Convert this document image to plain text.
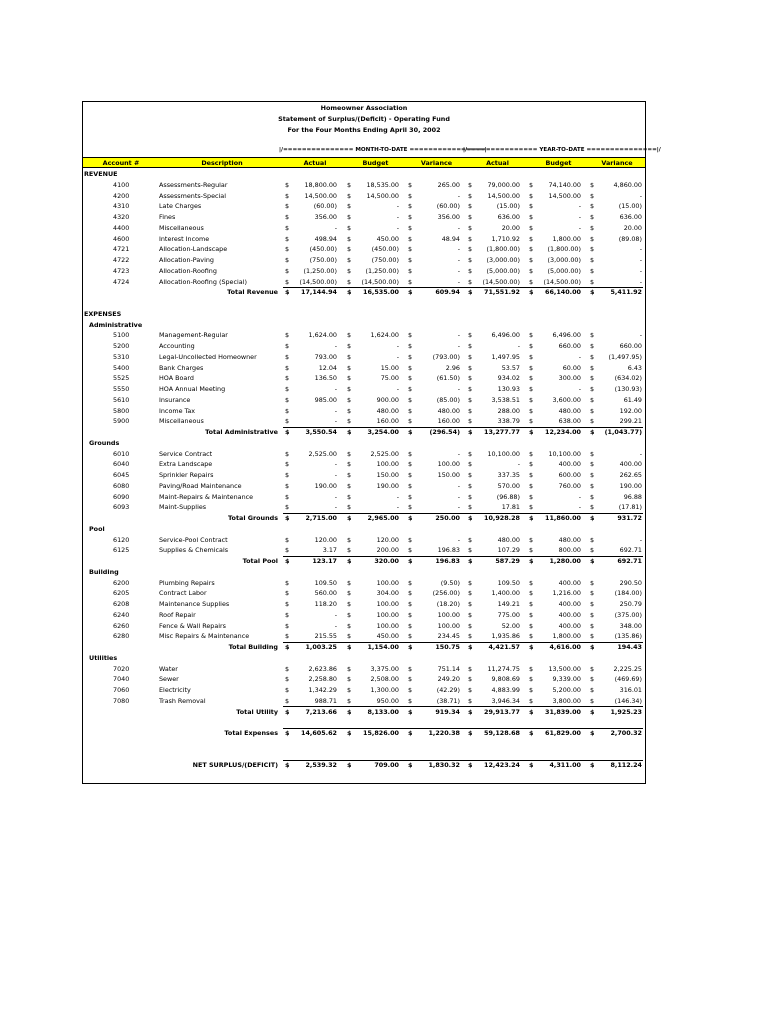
Homeowner Association
Statement of Surplus/(Deficit) - Operating Fund
For the Four Months Ending April 30, 2002
|/=============== MONTH-TO-DATE ================|
|/=============== YEAR-TO-DATE ===============|/
Account #	Description	Actual	Budget	Variance	Actual	Budget	Variance
REVENUE
4100	Assessments-Regular	$	18,800.00 $	18,535.00 $	265.00 $	79,000.00 $	74,140.00 $	4,860.00
4200	Assessments-Special	$	14,500.00 $	14,500.00 $	- $	14,500.00 $	14,500.00 $	-
4310	Late Charges	$	(60.00) $	- $	(60.00) $	(15.00) $	- $	(15.00)
4320	Fines	$	356.00 $	- $	356.00 $	636.00 $	- $	636.00
4400	Miscellaneous	$	- $	- $	- $	20.00 $	- $	20.00
4600	Interest Income	$	498.94 $	450.00 $	48.94 $	1,710.92 $	1,800.00 $	(89.08)
4721	Allocation-Landscape	$	(450.00) $	(450.00) $	- $	(1,800.00) $	(1,800.00) $	-
4722	Allocation-Paving	$	(750.00) $	(750.00) $	- $	(3,000.00) $	(3,000.00) $	-
4723	Allocation-Roofing	$	(1,250.00) $	(1,250.00) $	- $	(5,000.00) $	(5,000.00) $	-
4724	Allocation-Roofing (Special)	$	(14,500.00) $	(14,500.00) $	- $	(14,500.00) $	(14,500.00) $	-
Total Revenue $	17,144.94 $	16,535.00 $	609.94 $	71,551.92 $	66,140.00 $	5,411.92
EXPENSES
Administrative
5100	Management-Regular	$	1,624.00 $	1,624.00 $	- $	6,496.00 $	6,496.00 $	-
5200	Accounting	$	- $	- $	- $	- $	660.00 $	660.00
5310	Legal-Uncollected Homeowner	$	793.00 $	- $	(793.00) $	1,497.95 $	- $	(1,497.95)
5400	Bank Charges	$	12.04 $	15.00 $	2.96 $	53.57 $	60.00 $	6.43
5525	HOA Board	$	136.50 $	75.00 $	(61.50) $	934.02 $	300.00 $	(634.02)
5550	HOA Annual Meeting	$	- $	- $	- $	130.93 $	- $	(130.93)
5610	Insurance	$	985.00 $	900.00 $	(85.00) $	3,538.51 $	3,600.00 $	61.49
5800	Income Tax	$	- $	480.00 $	480.00 $	288.00 $	480.00 $	192.00
5900	Miscellaneous	$	- $	160.00 $	160.00 $	338.79 $	638.00 $	299.21
Total Administrative $	3,550.54 $	3,254.00 $	(296.54) $	13,277.77 $	12,234.00 $	(1,043.77)
Grounds
6010	Service Contract	$	2,525.00 $	2,525.00 $	- $	10,100.00 $	10,100.00 $	-
6040	Extra Landscape	$	- $	100.00 $	100.00 $	- $	400.00 $	400.00
6045	Sprinkler Repairs	$	- $	150.00 $	150.00 $	337.35 $	600.00 $	262.65
6080	Paving/Road Maintenance	$	190.00 $	190.00 $	- $	570.00 $	760.00 $	190.00
6090	Maint-Repairs & Maintenance	$	- $	- $	- $	(96.88) $	- $	96.88
6093	Maint-Supplies	$	- $	- $	- $	17.81 $	- $	(17.81)
Total Grounds $	2,715.00 $	2,965.00 $	250.00 $	10,928.28 $	11,860.00 $	931.72
Pool
6120	Service-Pool Contract	$	120.00 $	120.00 $	- $	480.00 $	480.00 $	-
6125	Supplies & Chemicals	$	3.17 $	200.00 $	196.83 $	107.29 $	800.00 $	692.71
Total Pool $	123.17 $	320.00 $	196.83 $	587.29 $	1,280.00 $	692.71
Building
6200	Plumbing Repairs	$	109.50 $	100.00 $	(9.50) $	109.50 $	400.00 $	290.50
6205	Contract Labor	$	560.00 $	304.00 $	(256.00) $	1,400.00 $	1,216.00 $	(184.00)
6208	Maintenance Supplies	$	118.20 $	100.00 $	(18.20) $	149.21 $	400.00 $	250.79
6240	Roof Repair	$	- $	100.00 $	100.00 $	775.00 $	400.00 $	(375.00)
6260	Fence & Wall Repairs	$	- $	100.00 $	100.00 $	52.00 $	400.00 $	348.00
6280	Misc Repairs & Maintenance	$	215.55 $	450.00 $	234.45 $	1,935.86 $	1,800.00 $	(135.86)
Total Building $	1,003.25 $	1,154.00 $	150.75 $	4,421.57 $	4,616.00 $	194.43
Utilities
7020	Water	$	2,623.86 $	3,375.00 $	751.14 $	11,274.75 $	13,500.00 $	2,225.25
7040	Sewer	$	2,258.80 $	2,508.00 $	249.20 $	9,808.69 $	9,339.00 $	(469.69)
7060	Electricity	$	1,342.29 $	1,300.00 $	(42.29) $	4,883.99 $	5,200.00 $	316.01
7080	Trash Removal	$	988.71 $	950.00 $	(38.71) $	3,946.34 $	3,800.00 $	(146.34)
Total Utility $	7,213.66 $	8,133.00 $	919.34 $	29,913.77 $	31,839.00 $	1,925.23
Total Expenses $	14,605.62 $	15,826.00 $	1,220.38 $	59,128.68 $	61,829.00 $	2,700.32
NET SURPLUS/(DEFICIT) $	2,539.32 $	709.00 $	1,830.32 $	12,423.24 $	4,311.00 $	8,112.24
